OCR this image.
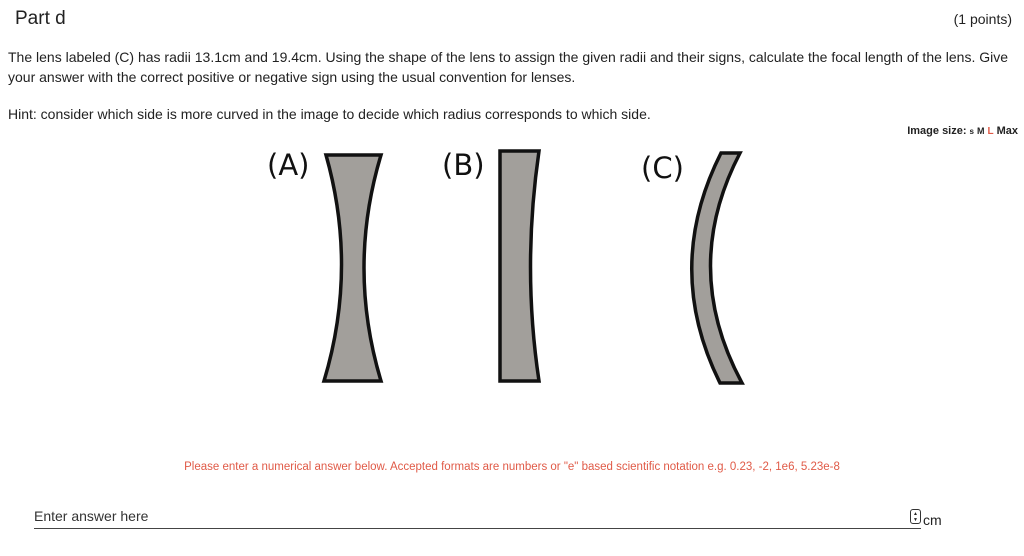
Part d	(1 points)
The lens labeled (C) has radii 13.1cm and 19.4cm. Using the shape of the lens to assign the given radii and their signs, calculate the focal length of the lens. Give your answer with the correct positive or negative sign using the usual convention for lenses.
Hint: consider which side is more curved in the image to decide which radius corresponds to which side.
Image size: s M L Max
(A)	(B)	(C)
Please enter a numerical answer below. Accepted formats are numbers or "e" based scientific notation e.g. 0.23, -2, 1e6, 5.23e-8
Enter answer here
▲
▼ cm
